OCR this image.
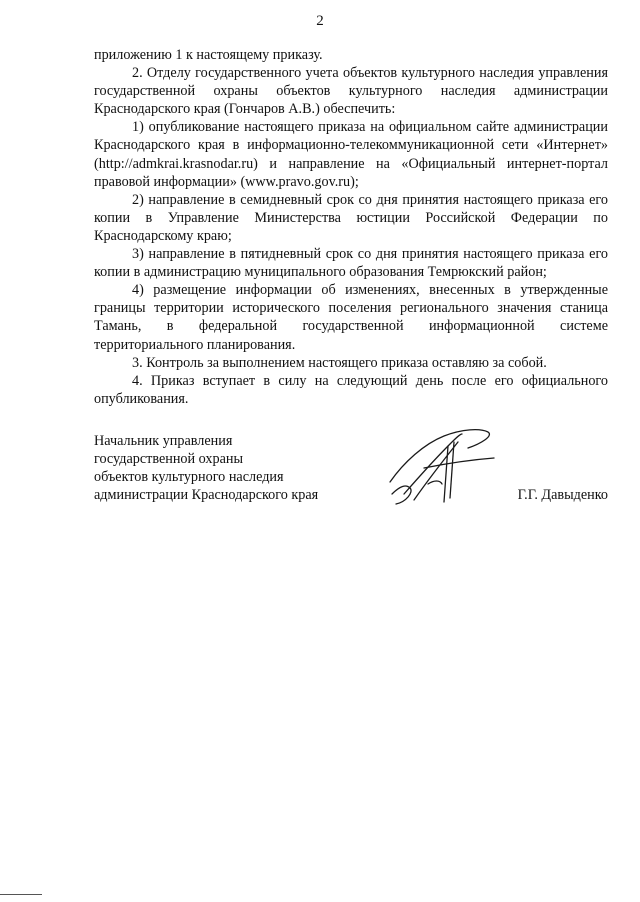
2

приложению 1 к настоящему приказу.

2. Отделу государственного учета объектов культурного наследия управления государственной охраны объектов культурного наследия администрации Краснодарского края (Гончаров А.В.) обеспечить:

1) опубликование настоящего приказа на официальном сайте администрации Краснодарского края в информационно-телекоммуникационной сети «Интернет» (http://admkrai.krasnodar.ru) и направление на «Официальный интернет-портал правовой информации» (www.pravo.gov.ru);

2) направление в семидневный срок со дня принятия настоящего приказа его копии в Управление Министерства юстиции Российской Федерации по Краснодарскому краю;

3) направление в пятидневный срок со дня принятия настоящего приказа его копии в администрацию муниципального образования Темрюкский район;

4) размещение информации об изменениях, внесенных в утвержденные границы территории исторического поселения регионального значения станица Тамань, в федеральной государственной информационной системе территориального планирования.

3. Контроль за выполнением настоящего приказа оставляю за собой.

4. Приказ вступает в силу на следующий день после его официального опубликования.

Начальник управления
государственной охраны
объектов культурного наследия
администрации Краснодарского края	Г.Г. Давыденко
